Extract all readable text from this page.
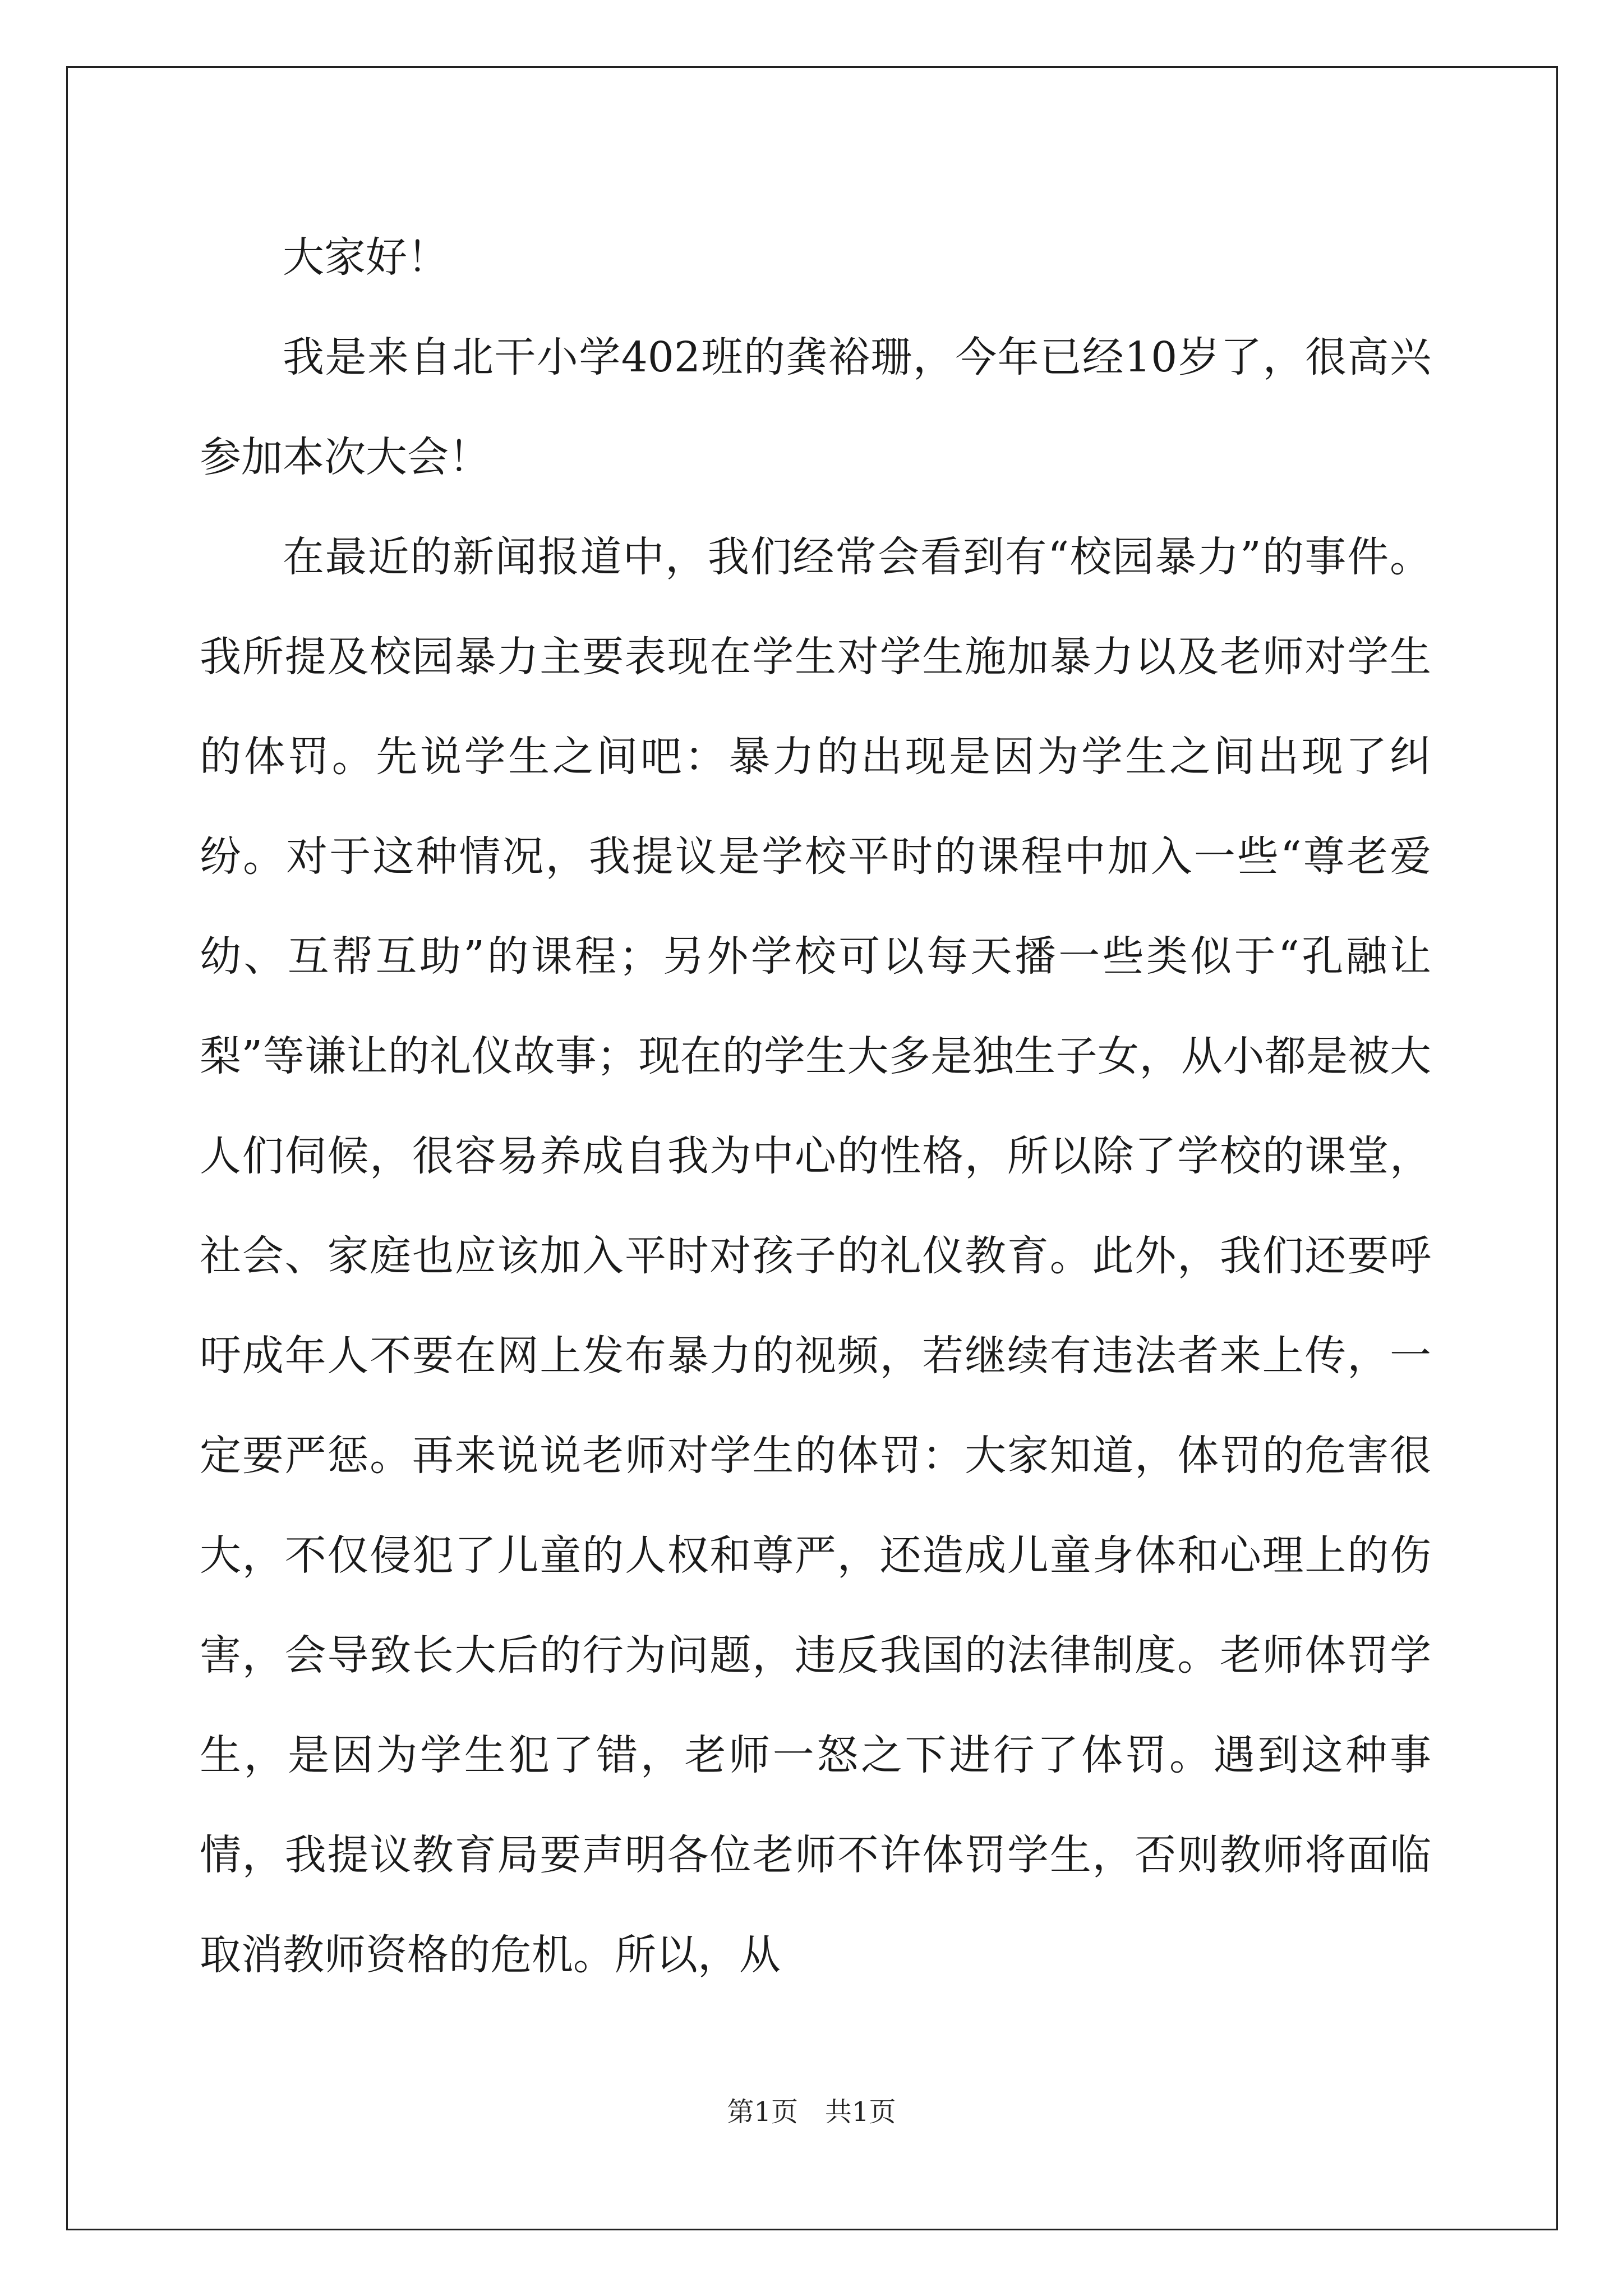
大家好！

我是来自北干小学402班的龚裕珊，今年已经10岁了，很高兴参加本次大会！

在最近的新闻报道中，我们经常会看到有“校园暴力”的事件。我所提及校园暴力主要表现在学生对学生施加暴力以及老师对学生的体罚。先说学生之间吧：暴力的出现是因为学生之间出现了纠纷。对于这种情况，我提议是学校平时的课程中加入一些“尊老爱幼、互帮互助”的课程；另外学校可以每天播一些类似于“孔融让梨”等谦让的礼仪故事；现在的学生大多是独生子女，从小都是被大人们伺候，很容易养成自我为中心的性格，所以除了学校的课堂，社会、家庭也应该加入平时对孩子的礼仪教育。此外，我们还要呼吁成年人不要在网上发布暴力的视频，若继续有违法者来上传，一定要严惩。再来说说老师对学生的体罚：大家知道，体罚的危害很大，不仅侵犯了儿童的人权和尊严，还造成儿童身体和心理上的伤害，会导致长大后的行为问题，违反我国的法律制度。老师体罚学生，是因为学生犯了错，老师一怒之下进行了体罚。遇到这种事情，我提议教育局要声明各位老师不许体罚学生，否则教师将面临取消教师资格的危机。所以，从

第1页 共1页
